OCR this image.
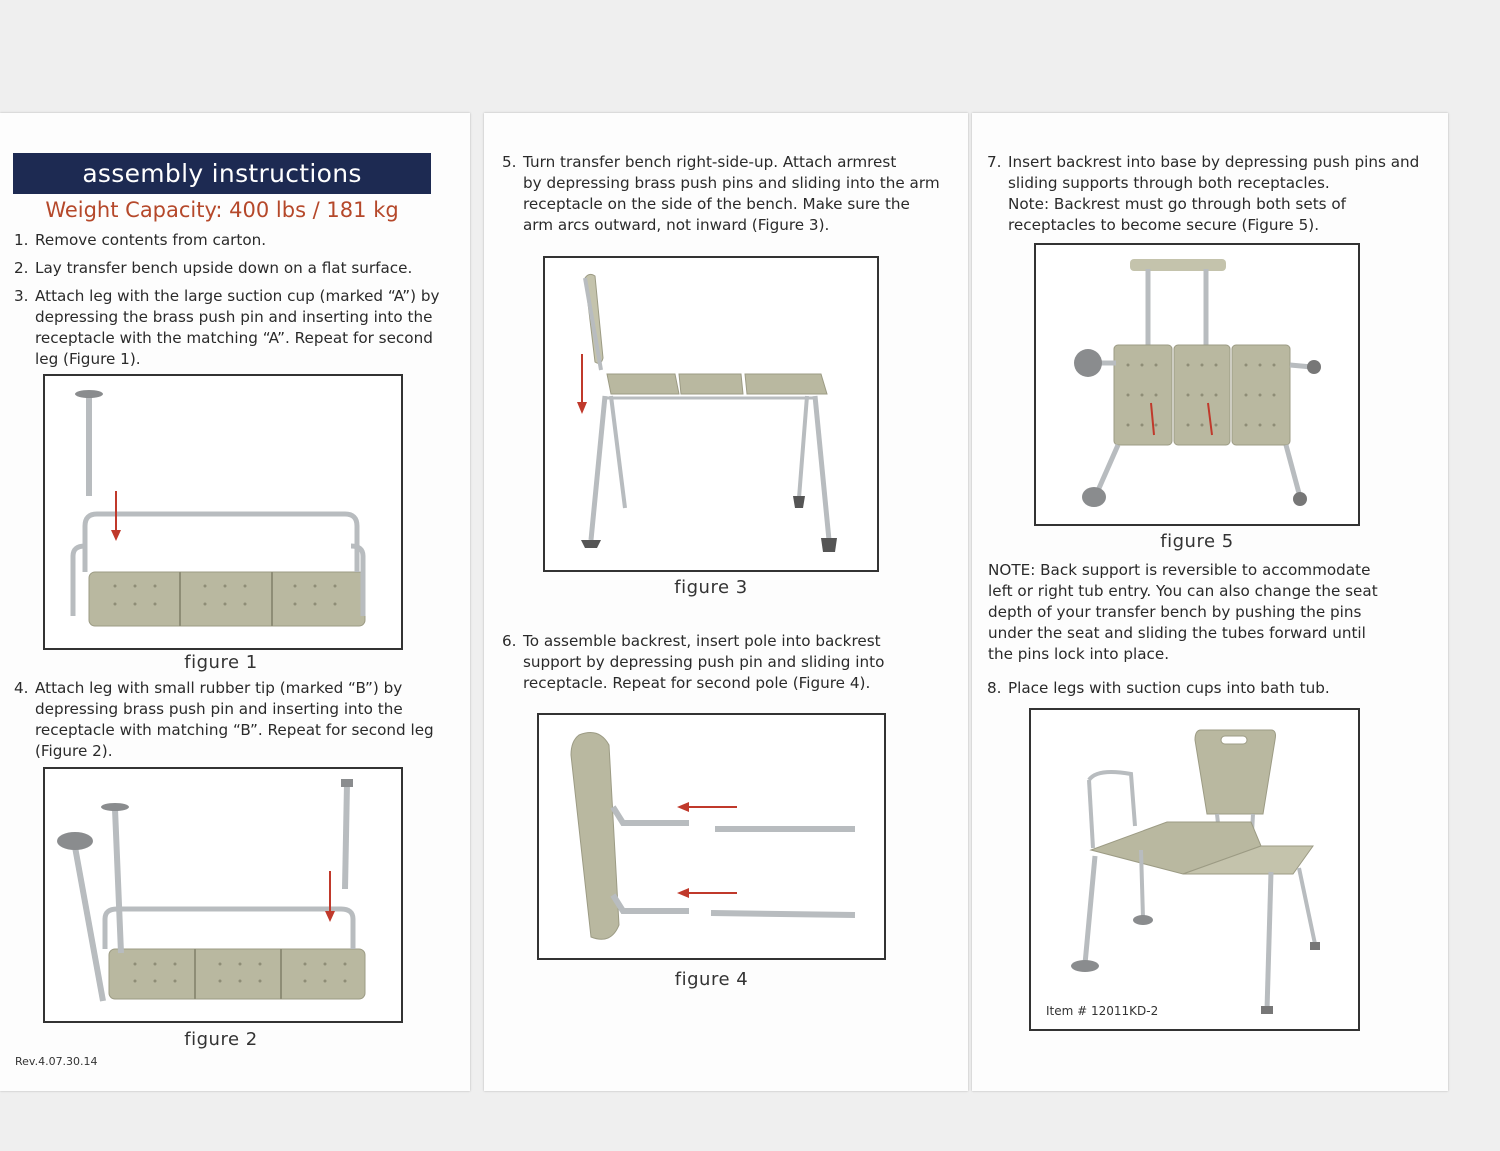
assembly instructions
Weight Capacity: 400 lbs / 181 kg
1. Remove contents from carton.
2. Lay transfer bench upside down on a flat surface.
3. Attach leg with the large suction cup (marked “A”) by
depressing the brass push pin and inserting into the
receptacle with the matching “A”. Repeat for second
leg (Figure 1).
figure 1
4. Attach leg with small rubber tip (marked “B”) by
depressing brass push pin and inserting into the
receptacle with matching “B”. Repeat for second leg
(Figure 2).
figure 2
Rev.4.07.30.14
5. Turn transfer bench right-side-up. Attach armrest
by depressing brass push pins and sliding into the arm
receptacle on the side of the bench. Make sure the
arm arcs outward, not inward (Figure 3).
figure 3
6. To assemble backrest, insert pole into backrest
support by depressing push pin and sliding into
receptacle. Repeat for second pole (Figure 4).
figure 4
7. Insert backrest into base by depressing push pins and
sliding supports through both receptacles.
Note: Backrest must go through both sets of
receptacles to become secure (Figure 5).
figure 5
NOTE: Back support is reversible to accommodate
left or right tub entry. You can also change the seat
depth of your transfer bench by pushing the pins
under the seat and sliding the tubes forward until
the pins lock into place.
8. Place legs with suction cups into bath tub.
Item # 12011KD-2
